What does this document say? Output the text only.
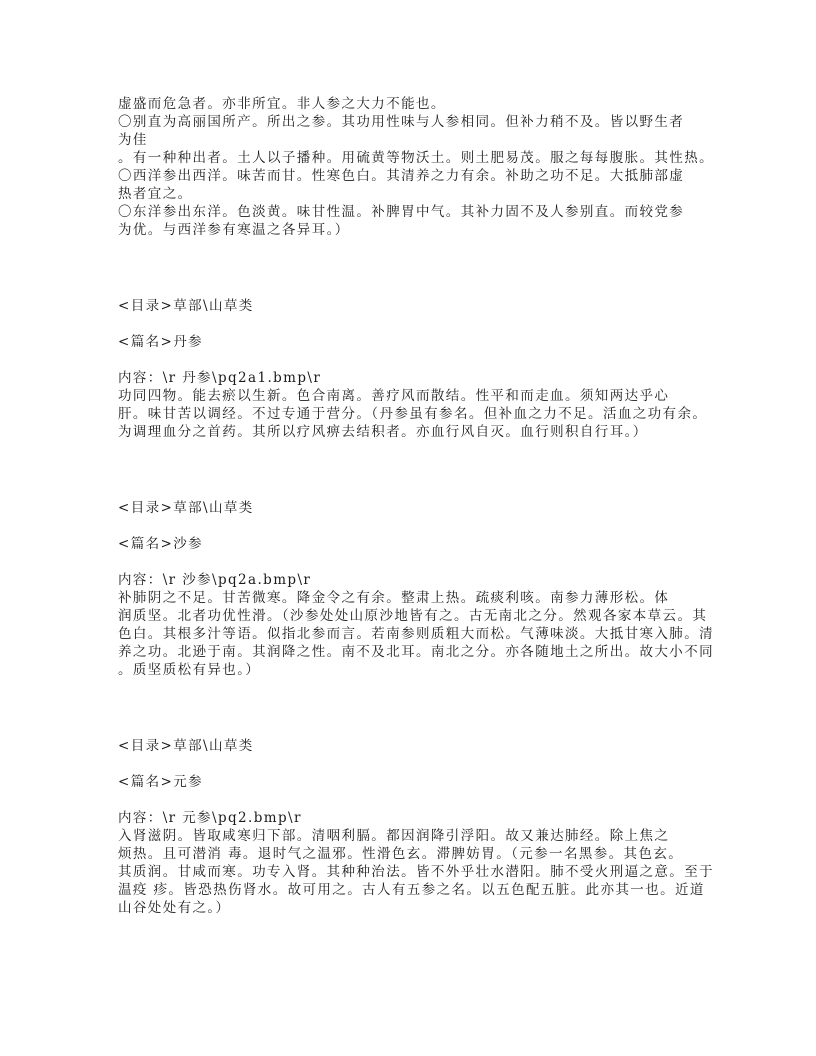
虚盛而危急者。亦非所宜。非人参之大力不能也。
〇别直为高丽国所产。所出之参。其功用性味与人参相同。但补力稍不及。皆以野生者
为佳
。有一种种出者。土人以子播种。用硫黄等物沃土。则土肥易茂。服之每每腹胀。其性热。
〇西洋参出西洋。味苦而甘。性寒色白。其清养之力有余。补助之功不足。大抵肺部虚
热者宜之。
〇东洋参出东洋。色淡黄。味甘性温。补脾胃中气。其补力固不及人参别直。而较党参
为优。与西洋参有寒温之各异耳。）
<目录>草部\山草类
<篇名>丹参
内容：\r 丹参\pq2a1.bmp\r
功同四物。能去瘀以生新。色合南离。善疗风而散结。性平和而走血。须知两达乎心
肝。味甘苦以调经。不过专通于营分。（丹参虽有参名。但补血之力不足。活血之功有余。
为调理血分之首药。其所以疗风痹去结积者。亦血行风自灭。血行则积自行耳。）
<目录>草部\山草类
<篇名>沙参
内容：\r 沙参\pq2a.bmp\r
补肺阴之不足。甘苦微寒。降金令之有余。整肃上热。疏痰利咳。南参力薄形松。体
润质坚。北者功优性滑。（沙参处处山原沙地皆有之。古无南北之分。然观各家本草云。其
色白。其根多汁等语。似指北参而言。若南参则质粗大而松。气薄味淡。大抵甘寒入肺。清
养之功。北逊于南。其润降之性。南不及北耳。南北之分。亦各随地土之所出。故大小不同
。质坚质松有异也。）
<目录>草部\山草类
<篇名>元参
内容：\r 元参\pq2.bmp\r
入肾滋阴。皆取咸寒归下部。清咽利膈。都因润降引浮阳。故又兼达肺经。除上焦之
烦热。且可潜消 毒。退时气之温邪。性滑色玄。滞脾妨胃。（元参一名黑参。其色玄。
其质润。甘咸而寒。功专入肾。其种种治法。皆不外乎壮水潜阳。肺不受火刑逼之意。至于
温疫 疹。皆恐热伤肾水。故可用之。古人有五参之名。以五色配五脏。此亦其一也。近道
山谷处处有之。）
